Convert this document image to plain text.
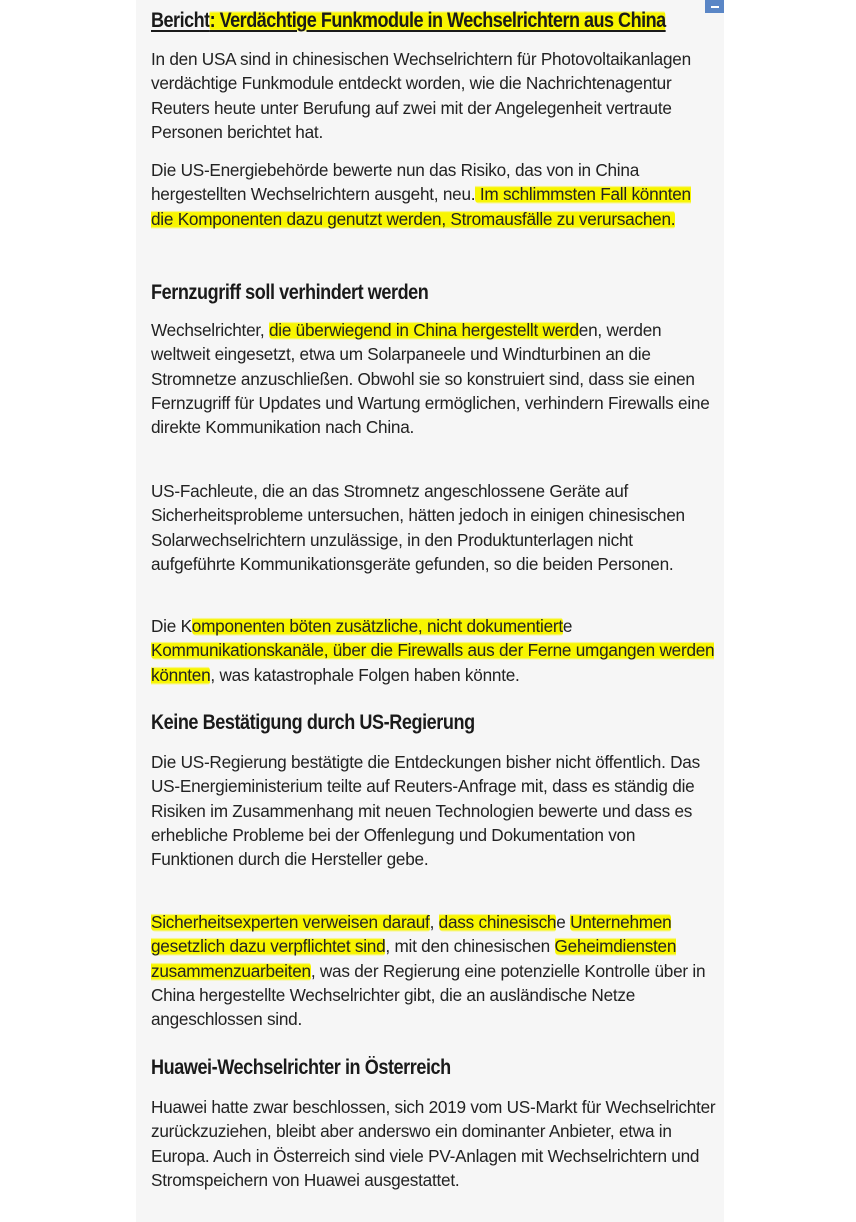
Bericht: Verdächtige Funkmodule in Wechselrichtern aus China

In den USA sind in chinesischen Wechselrichtern für Photovoltaikanlagen verdächtige Funkmodule entdeckt worden, wie die Nachrichtenagentur Reuters heute unter Berufung auf zwei mit der Angelegenheit vertraute Personen berichtet hat.

Die US-Energiebehörde bewerte nun das Risiko, das von in China hergestellten Wechselrichtern ausgeht, neu. Im schlimmsten Fall könnten die Komponenten dazu genutzt werden, Stromausfälle zu verursachen.

Fernzugriff soll verhindert werden

Wechselrichter, die überwiegend in China hergestellt werden, werden weltweit eingesetzt, etwa um Solarpaneele und Windturbinen an die Stromnetze anzuschließen. Obwohl sie so konstruiert sind, dass sie einen Fernzugriff für Updates und Wartung ermöglichen, verhindern Firewalls eine direkte Kommunikation nach China.

US-Fachleute, die an das Stromnetz angeschlossene Geräte auf Sicherheitsprobleme untersuchen, hätten jedoch in einigen chinesischen Solarwechselrichtern unzulässige, in den Produktunterlagen nicht aufgeführte Kommunikationsgeräte gefunden, so die beiden Personen.

Die Komponenten böten zusätzliche, nicht dokumentierte Kommunikationskanäle, über die Firewalls aus der Ferne umgangen werden könnten, was katastrophale Folgen haben könnte.

Keine Bestätigung durch US-Regierung

Die US-Regierung bestätigte die Entdeckungen bisher nicht öffentlich. Das US-Energieministerium teilte auf Reuters-Anfrage mit, dass es ständig die Risiken im Zusammenhang mit neuen Technologien bewerte und dass es erhebliche Probleme bei der Offenlegung und Dokumentation von Funktionen durch die Hersteller gebe.

Sicherheitsexperten verweisen darauf, dass chinesische Unternehmen gesetzlich dazu verpflichtet sind, mit den chinesischen Geheimdiensten zusammenzuarbeiten, was der Regierung eine potenzielle Kontrolle über in China hergestellte Wechselrichter gibt, die an ausländische Netze angeschlossen sind.

Huawei-Wechselrichter in Österreich

Huawei hatte zwar beschlossen, sich 2019 vom US-Markt für Wechselrichter zurückzuziehen, bleibt aber anderswo ein dominanter Anbieter, etwa in Europa. Auch in Österreich sind viele PV-Anlagen mit Wechselrichtern und Stromspeichern von Huawei ausgestattet.
